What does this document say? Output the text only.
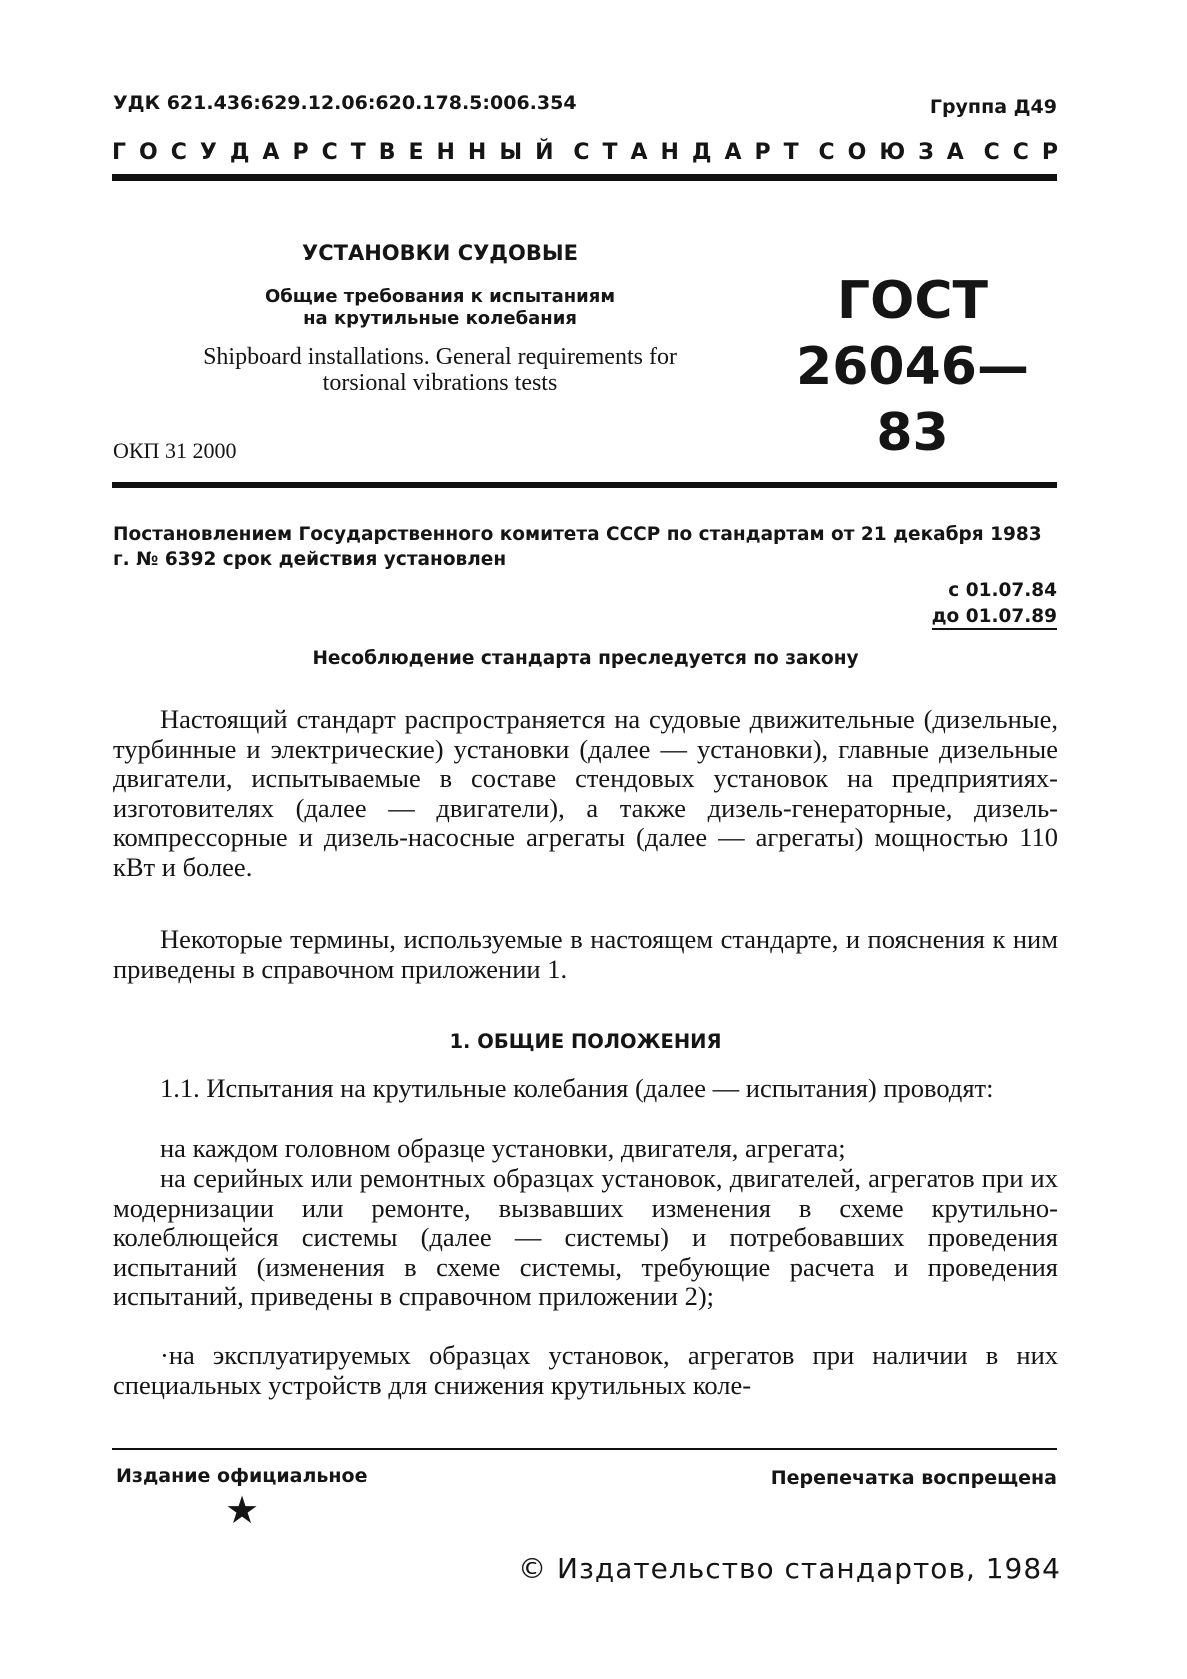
УДК 621.436:629.12.06:620.178.5:006.354	Группа Д49
ГОСУДАРСТВЕННЫЙ СТАНДАРТ СОЮЗА ССР
УСТАНОВКИ СУДОВЫЕ
Общие требования к испытаниям
на крутильные колебания
Shipboard installations. General requirements for
torsional vibrations tests
ГОСТ
26046—83
ОКП 31 2000
Постановлением Государственного комитета СССР по стандартам от 21 декабря 1983 г. № 6392 срок действия установлен
с 01.07.84
до 01.07.89
Несоблюдение стандарта преследуется по закону
Настоящий стандарт распространяется на судовые движительные (дизельные, турбинные и электрические) установки (далее — установки), главные дизельные двигатели, испытываемые в составе стендовых установок на предприятиях-изготовителях (далее — двигатели), а также дизель-генераторные, дизель-компрессорные и дизель-насосные агрегаты (далее — агрегаты) мощностью 110 кВт и более.
Некоторые термины, используемые в настоящем стандарте, и пояснения к ним приведены в справочном приложении 1.
1. ОБЩИЕ ПОЛОЖЕНИЯ
1.1. Испытания на крутильные колебания (далее — испытания) проводят:
на каждом головном образце установки, двигателя, агрегата;
на серийных или ремонтных образцах установок, двигателей, агрегатов при их модернизации или ремонте, вызвавших изменения в схеме крутильно-колеблющейся системы (далее — системы) и потребовавших проведения испытаний (изменения в схеме системы, требующие расчета и проведения испытаний, приведены в справочном приложении 2);
·на эксплуатируемых образцах установок, агрегатов при наличии в них специальных устройств для снижения крутильных коле-
Издание официальное	Перепечатка воспрещена
★
© Издательство стандартов, 1984
